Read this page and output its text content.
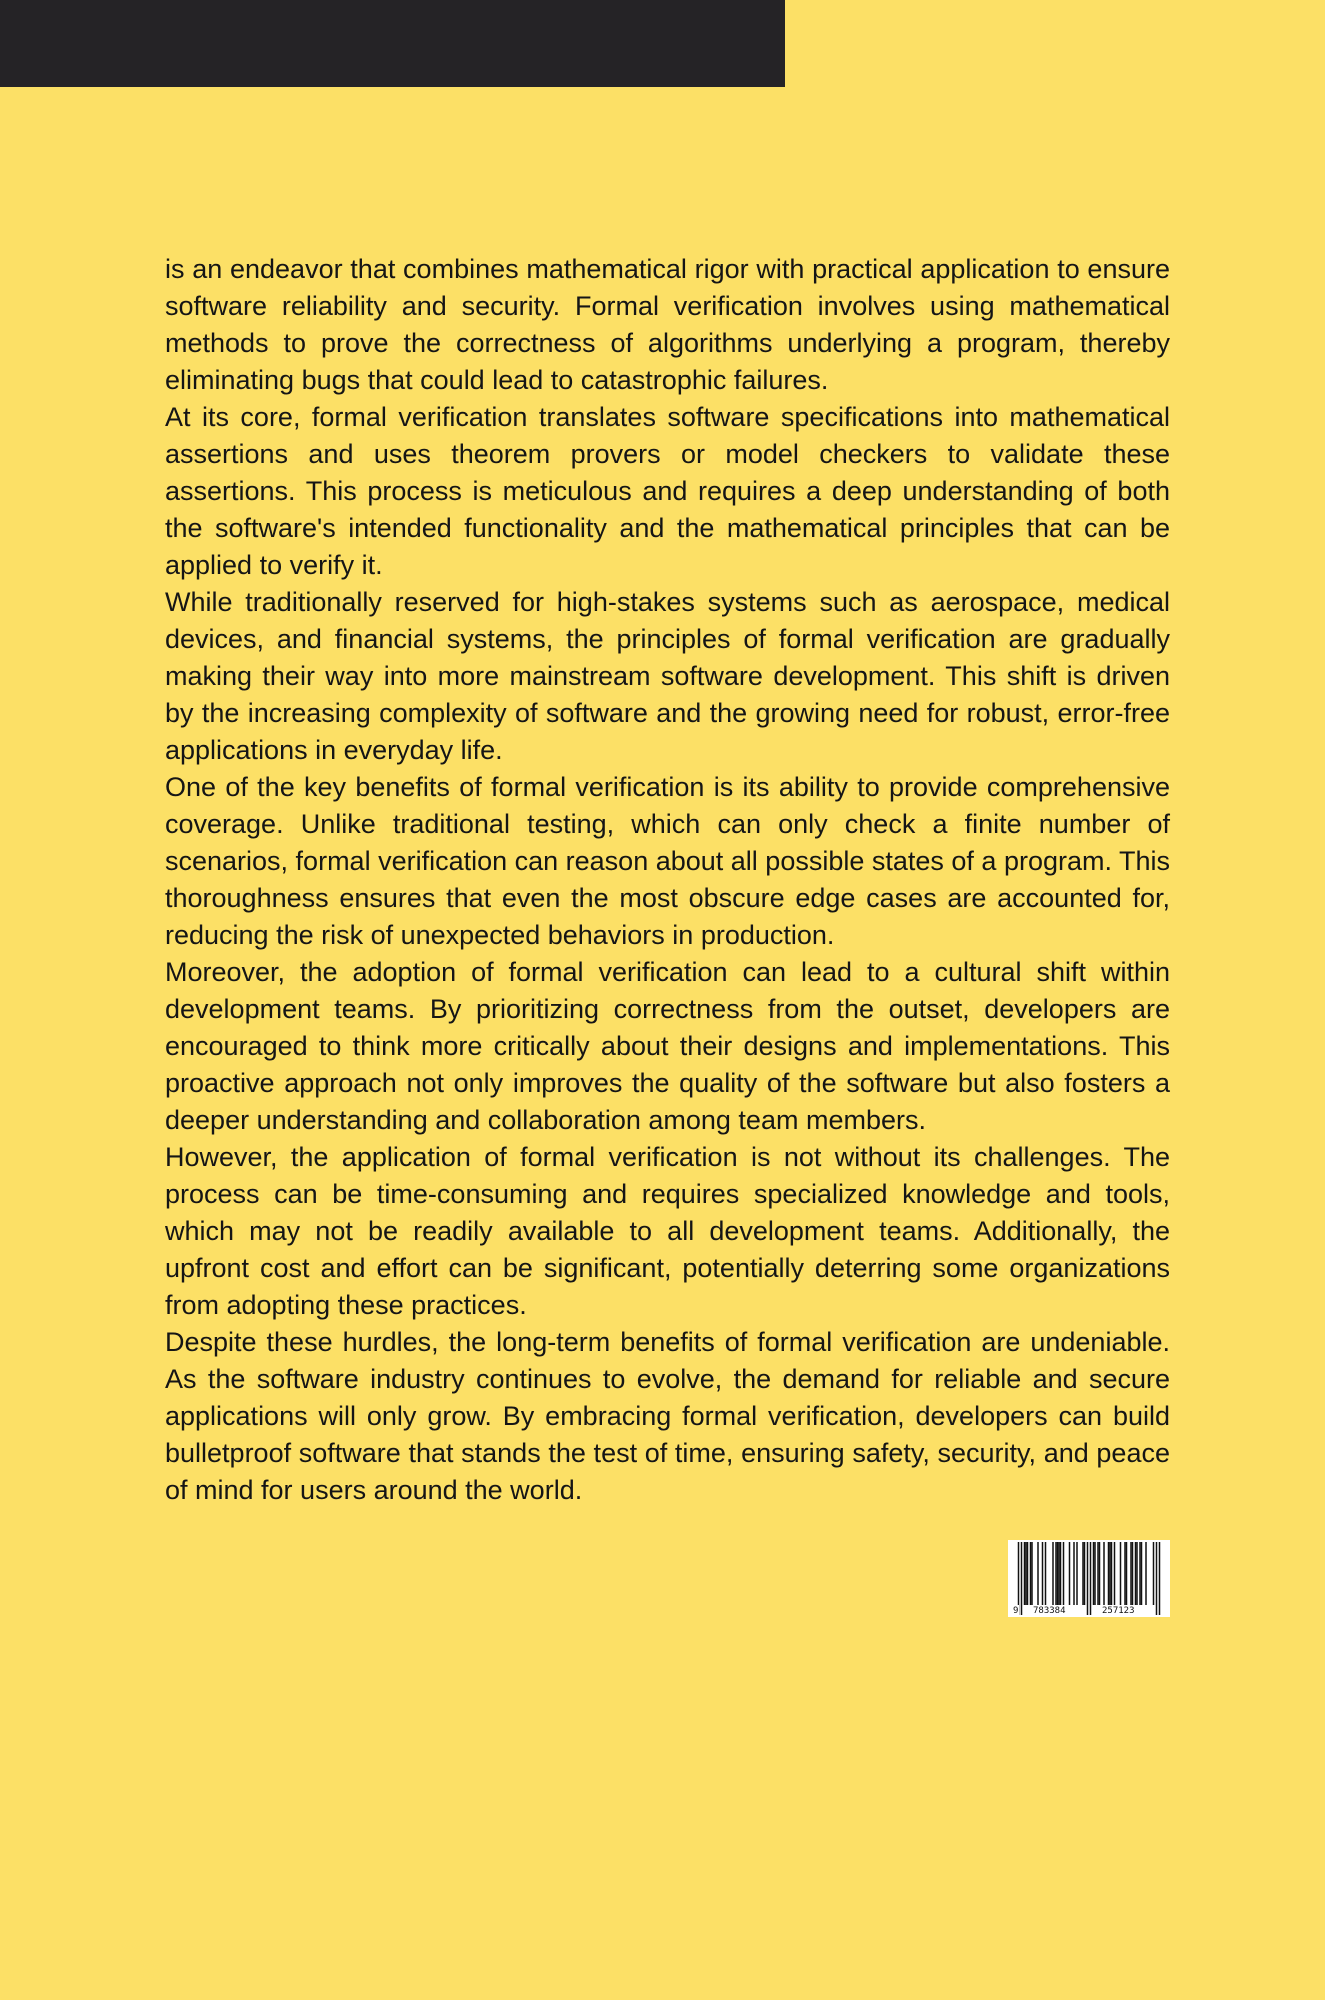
is an endeavor that combines mathematical rigor with practical application to ensure software reliability and security. Formal verification involves using mathematical methods to prove the correctness of algorithms underlying a program, thereby eliminating bugs that could lead to catastrophic failures.

At its core, formal verification translates software specifications into mathematical assertions and uses theorem provers or model checkers to validate these assertions. This process is meticulous and requires a deep understanding of both the software's intended functionality and the mathematical principles that can be applied to verify it.

While traditionally reserved for high-stakes systems such as aerospace, medical devices, and financial systems, the principles of formal verification are gradually making their way into more mainstream software development. This shift is driven by the increasing complexity of software and the growing need for robust, error-free applications in everyday life.

One of the key benefits of formal verification is its ability to provide comprehensive coverage. Unlike traditional testing, which can only check a finite number of scenarios, formal verification can reason about all possible states of a program. This thoroughness ensures that even the most obscure edge cases are accounted for, reducing the risk of unexpected behaviors in production.

Moreover, the adoption of formal verification can lead to a cultural shift within development teams. By prioritizing correctness from the outset, developers are encouraged to think more critically about their designs and implementations. This proactive approach not only improves the quality of the software but also fosters a deeper understanding and collaboration among team members.

However, the application of formal verification is not without its challenges. The process can be time-consuming and requires specialized knowledge and tools, which may not be readily available to all development teams. Additionally, the upfront cost and effort can be significant, potentially deterring some organizations from adopting these practices.

Despite these hurdles, the long-term benefits of formal verification are undeniable. As the software industry continues to evolve, the demand for reliable and secure applications will only grow. By embracing formal verification, developers can build bulletproof software that stands the test of time, ensuring safety, security, and peace of mind for users around the world.

9 783384	257123
